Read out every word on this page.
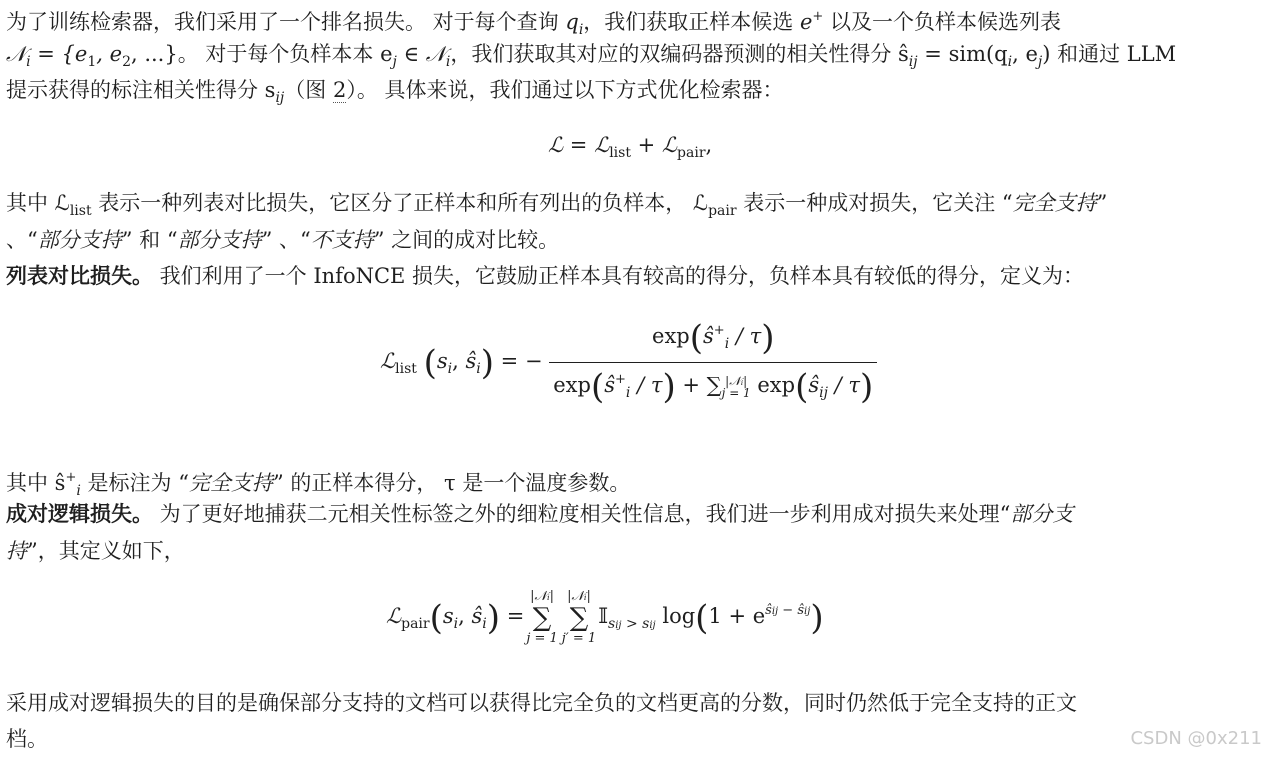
为了训练检索器，我们采用了一个排名损失。 对于每个查询 $q_i$，我们获取正样本候选 e+ 以及一个负样本候选列表
𝒩$_i$ = {$e_1$, $e_2$, ...}。 对于每个负样本本 $e_j$ ∈ 𝒩$_i$，我们获取其对应的双编码器预测的相关性得分 $ŝ_{ij} = sim(q_i$, $e_j$) 和通过 LLM
提示获得的标注相关性得分 $s_{ij}$（图 2）。 具体来说，我们通过以下方式优化检索器：
ℒ = ℒ$_{list}$ + ℒ$_{pair}$,
其中 ℒ$_{list}$ 表示一种列表对比损失，它区分了正样本和所有列出的负样本， ℒ$_{pair}$ 表示一种成对损失，它关注 “完全支持”
、“部分支持” 和 “部分支持” 、“不支持” 之间的成对比较。
列表对比损失。 我们利用了一个 InfoNCE 损失，它鼓励正样本具有较高的得分，负样本具有较低的得分，定义为：
ℒ$_{list}$ ($s_i$, $ŝ_i$) = − $\exp(ŝ^+_i / \tau)$
$\exp(ŝ^+_i / \tau)$ + ∑ |𝒩ᵢ|
j = 1 $\exp(ŝ_{ij} / \tau)$
其中 $ŝ^+_i$ 是标注为 “完全支持” 的正样本得分， τ 是一个温度参数。
成对逻辑损失。 为了更好地捕获二元相关性标签之外的细粒度相关性信息，我们进一步利用成对损失来处理“部分支
持”，其定义如下，
$ℒ_{pair}(s_i$, $ŝ_i$) =
|𝒩ᵢ|
∑
j = 1
|𝒩ᵢ|
∑
j′ = 1
𝕀$_{sij > sij}$ $\log(1 + e^{ŝij - ŝij})$
采用成对逻辑损失的目的是确保部分支持的文档可以获得比完全负的文档更高的分数，同时仍然低于完全支持的正文
档。	CSDN @0x211
